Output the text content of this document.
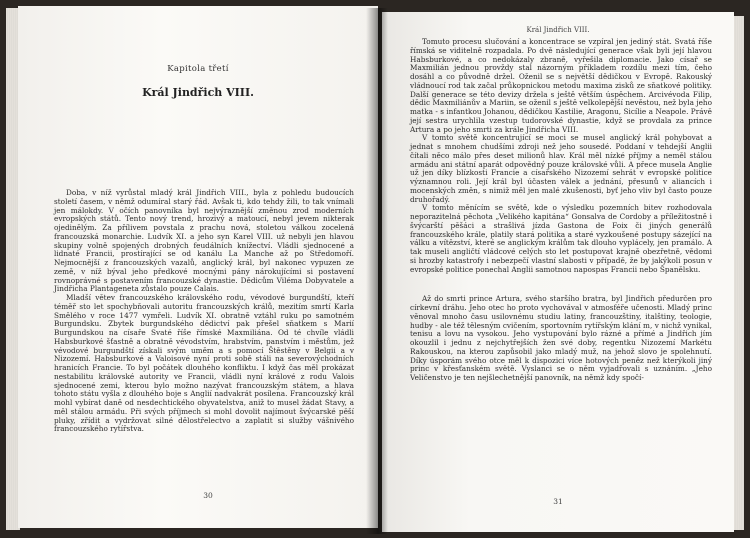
Kapitola třetí
Král Jindřich VIII.

Doba, v níž vyrůstal mladý král Jindřich VIII., byla z pohledu budoucích století časem, v němž odumíral starý řád. Avšak ti, kdo tehdy žili, to tak vnímali jen málokdy. V očích panovníka byl nejvýraznější změnou zrod moderních evropských států. Tento nový trend, hrozivý a matoucí, nebyl jevem nikterak ojedinělým. Za přílivem povstala z prachu nová, stoletou válkou zocelená francouzská monarchie. Ludvík XI. a jeho syn Karel VIII. už nebyli jen hlavou skupiny volně spojených drobných feudálních knížectví. Vládli sjednocené a lidnaté Francii, prostírající se od kanálu La Manche až po Středomoří. Nejmocnější z francouzských vazalů, anglický král, byl nakonec vypuzen ze země, v níž býval jeho předkové mocnými pány nárokujícími si postavení rovnoprávné s postavením francouzské dynastie. Dědicům Viléma Dobyvatele a Jindřicha Plantageneta zůstalo pouze Calais.

Mladší větev francouzského královského rodu, vévodové burgundští, kteří téměř sto let spochybňovali autoritu francouzských králů, mezitím smrtí Karla Smělého v roce 1477 vymřeli. Ludvík XI. obratně vztáhl ruku po samotném Burgundsku. Zbytek burgundského dědictví pak přešel sňatkem s Marií Burgundskou na císaře Svaté říše římské Maxmiliána. Od té chvíle vládli Habsburkové šťastně a obratně vévodstvím, hrabstvím, panstvím i městům, jež vévodové burgundští získali svým uměm a s pomocí Štěstěny v Belgii a v Nizozemí. Habsburkové a Valoisové nyní proti sobě stáli na severovýchodních hranicích Francie. To byl počátek dlouhého konfliktu. I když čas měl prokázat nestabilitu královské autority ve Francii, vládli nyní králové z rodu Valois sjednocené zemi, kterou bylo možno nazývat francouzským státem, a hlava tohoto státu vyšla z dlouhého boje s Anglií nadvakrát posílena. Francouzský král mohl vybírat daně od nesdechtického obyvatelstva, aniž to musel žádat Stavy, a měl stálou armádu. Při svých příjmech si mohl dovolit najímout švýcarské pěší pluky, zřídit a vydržovat silné dělostřelectvo a zaplatit si služby vášnivého francouzského rytířstva.

30
Král Jindřich VIII.

Tomuto procesu slučování a koncentrace se vzpíral jen jediný stát. Svatá říše římská se viditelně rozpadala. Po dvě následující generace však byli její hlavou Habsburkové, a co nedokázaly zbraně, vyřešila diplomacie. Jako císař se Maxmilián jednou provždy stal názorným příkladem rozdílu mezi tím, čeho dosáhl a co původně držel. Oženil se s největší dědičkou v Evropě. Rakouský vládnoucí rod tak začal průkopnickou metodu maxima zisků ze sňatkové politiky. Další generace se této devizy držela s ještě větším úspěchem. Arcivévoda Filip, dědic Maxmiliánův a Mariin, se oženil s ještě velkolepější nevěstou, než byla jeho matka - s infantkou Johanou, dědičkou Kastilie, Aragonu, Sicílie a Neapole. Právě její sestra urychlila vzestup tudorovské dynastie, když se provdala za prince Artura a po jeho smrti za krále Jindřicha VIII.

V tomto světě koncentrující se moci se musel anglický král pohybovat a jednat s mnohem chudšími zdroji než jeho sousedé. Poddaní v tehdejší Anglii čítali něco málo přes deset milionů hlav. Král měl nízké příjmy a neměl stálou armádu ani státní aparát odpovědný pouze královské vůli. A přece musela Anglie už jen díky blízkosti Francie a císařského Nizozemí sehrát v evropské politice významnou roli. Její král byl účasten válek a jednání, přesunů v aliancích i mocenských změn, s nimiž měl jen malé zkušenosti, byť jeho vliv byl často pouze druhořadý.

V tomto měnícím se světě, kde o výsledku pozemních bitev rozhodovala neporazitelná pěchota „Velikého kapitána“ Gonsalva de Cordoby a příležitostně i švýcarští pěšáci a strašlivá jízda Gastona de Foix či jiných generálů francouzského krále, platily stará politika a staré vyzkoušené postupy sázející na válku a vítězství, které se anglickým králům tak dlouho vyplácely, jen pramálo. A tak museli angličtí vládcové celých sto let postupovat krajně obezřetně, vědomi si hrozby katastrofy i nebezpečí vlastní slabosti v případě, že by jakýkoli posun v evropské politice ponechal Anglii samotnou napospas Francii nebo Španělsku.

Až do smrti prince Artura, svého staršího bratra, byl Jindřich předurčen pro církevní dráhu. Jeho otec ho proto vychovával v atmosféře učenosti. Mladý princ věnoval mnoho času usilovnému studiu latiny, francouzštiny, italštiny, teologie, hudby - ale též tělesným cvičením, sportovním rytířským klání m, v nichž vynikal, tenisu a lovu na vysokou. Jeho vystupování bylo rázné a přímé a Jindřich jím okouzlil i jednu z nejchytřejších žen své doby, regentku Nizozemí Markétu Rakouskou, na kterou zapůsobil jako mladý muž, na jehož slovo je spolehnutí. Díky úsporám svého otce měl k dispozici více hotových peněz než kterýkoli jiný princ v křesťanském světě. Vyslanci se o něm vyjadřovali s uznáním. „Jeho Veličenstvo je ten nejšlechetnější panovník, na němž kdy spočí-

31
